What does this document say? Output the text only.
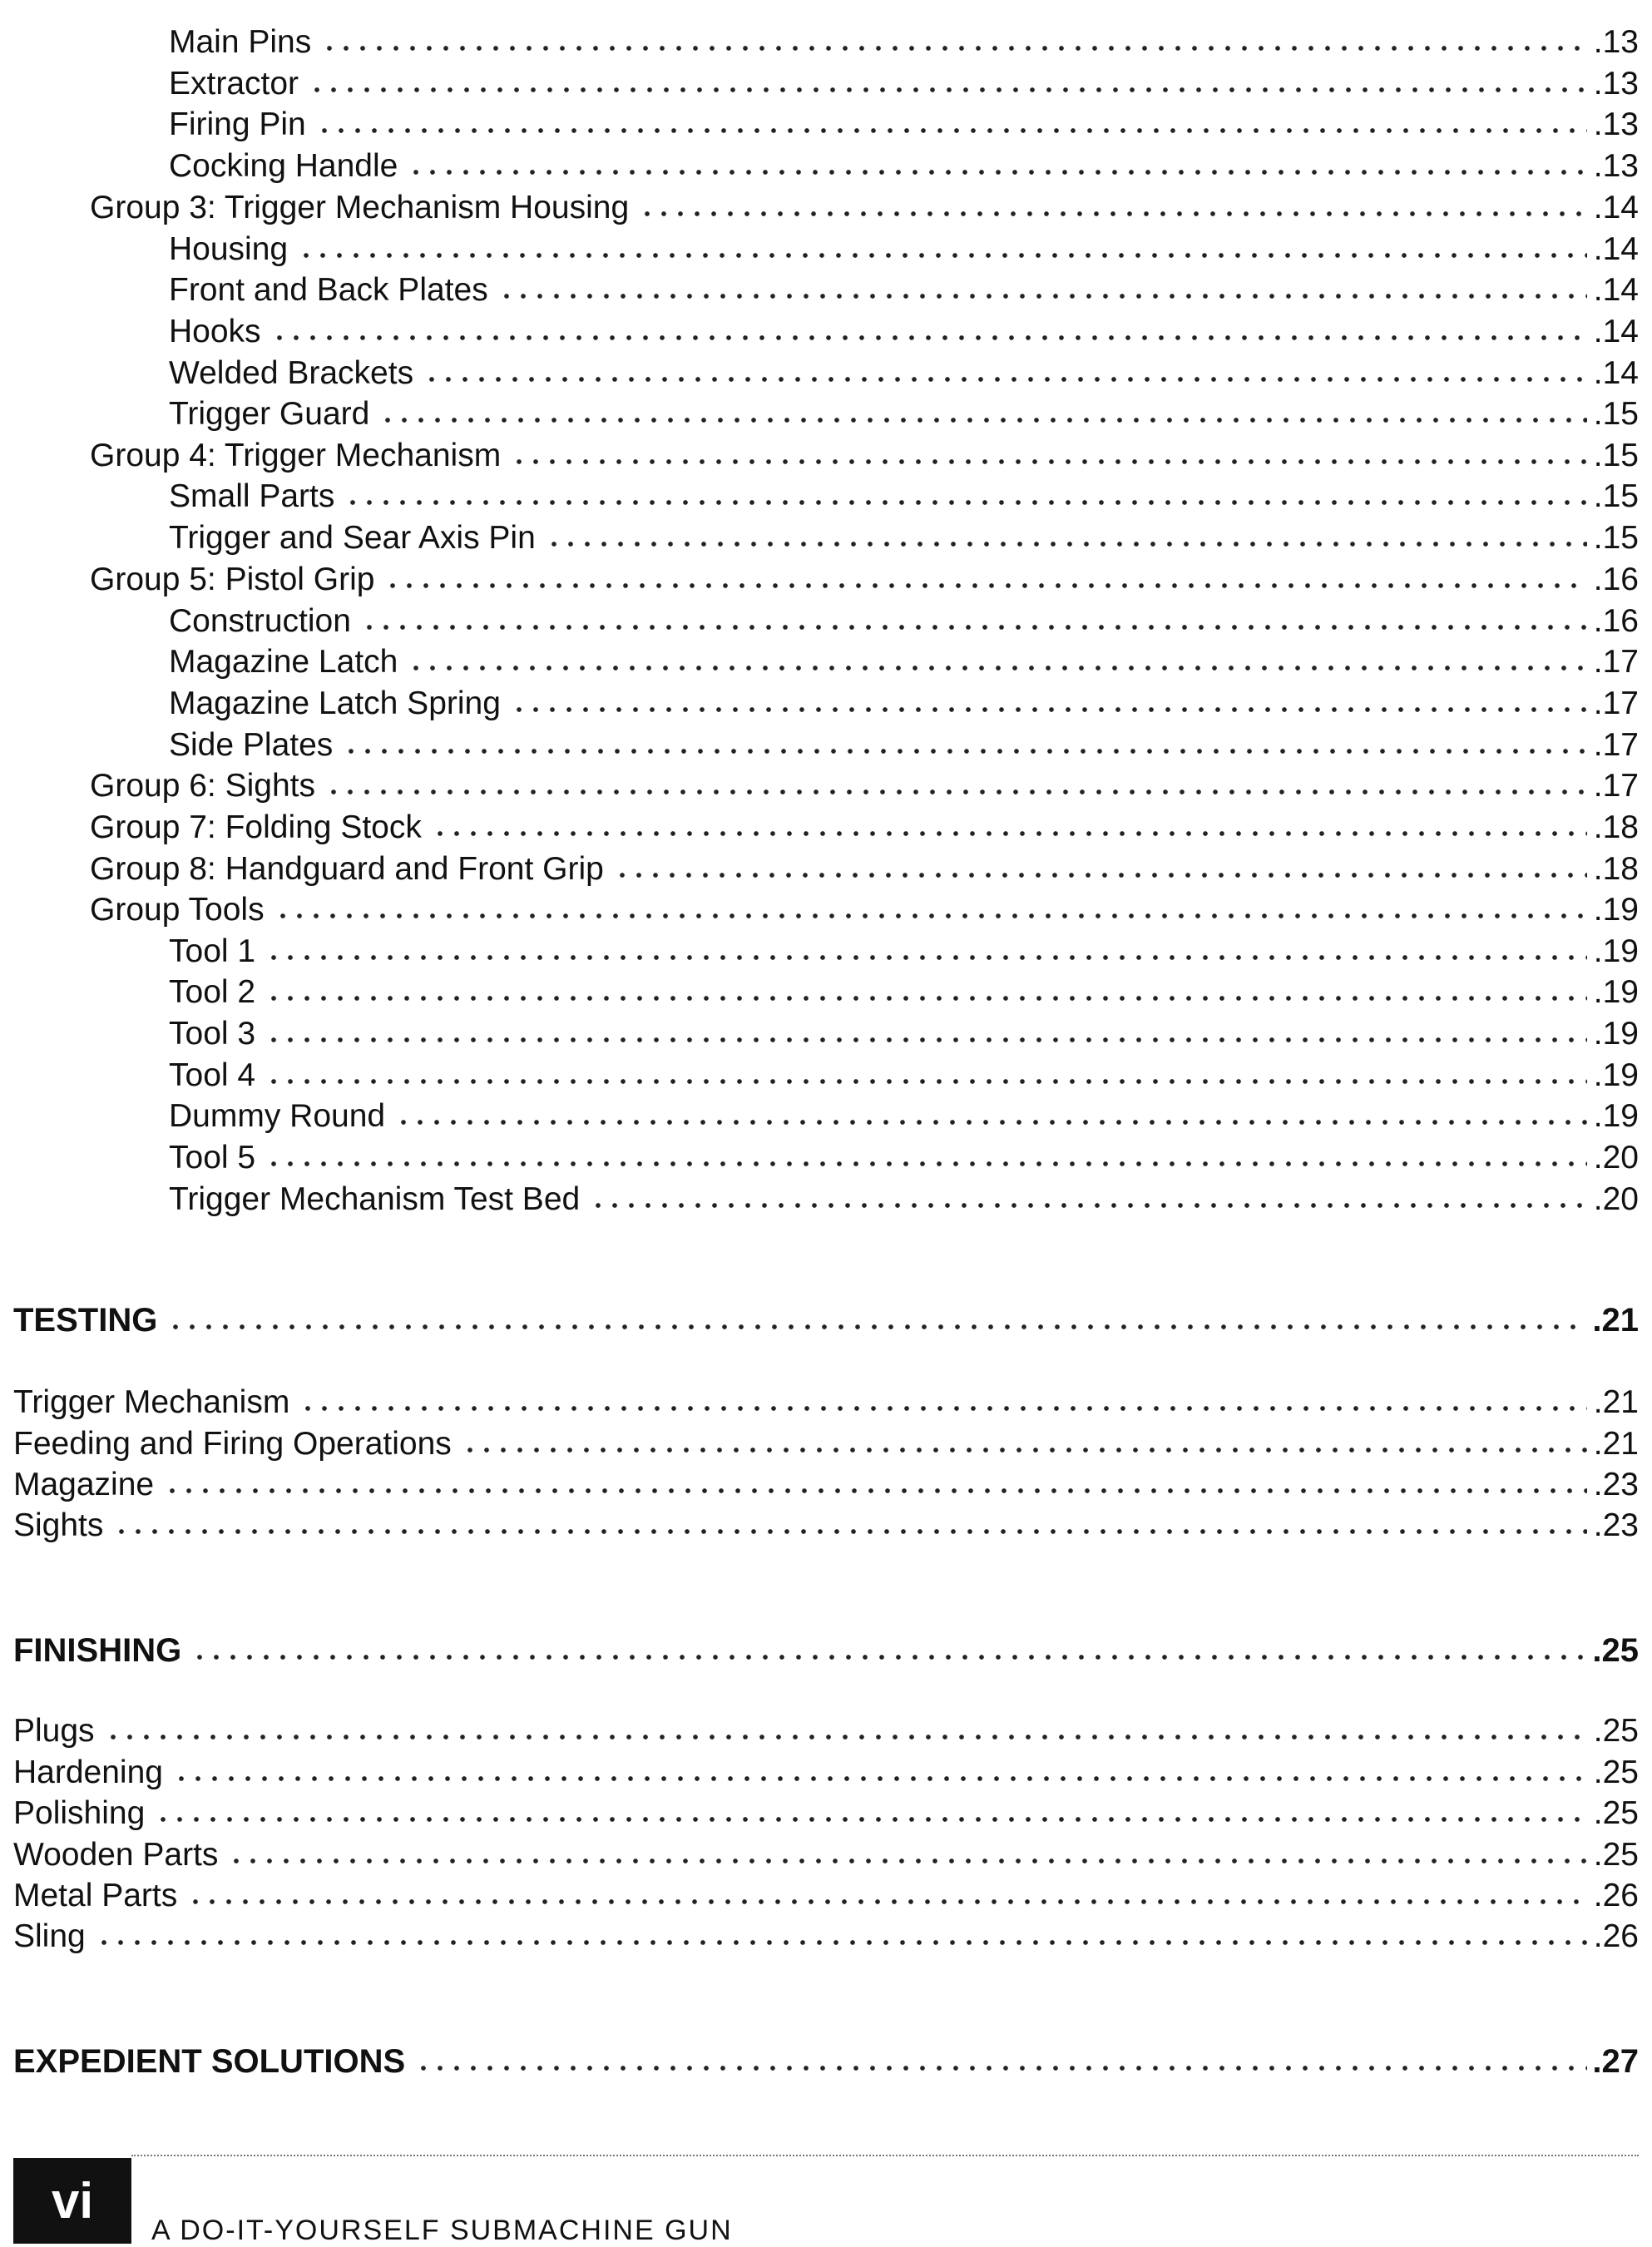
Main Pins	.13
Extractor	.13
Firing Pin	.13
Cocking Handle	.13
Group 3: Trigger Mechanism Housing	.14
Housing	.14
Front and Back Plates	.14
Hooks	.14
Welded Brackets	.14
Trigger Guard	.15
Group 4: Trigger Mechanism	.15
Small Parts	.15
Trigger and Sear Axis Pin	.15
Group 5: Pistol Grip	.16
Construction	.16
Magazine Latch	.17
Magazine Latch Spring	.17
Side Plates	.17
Group 6: Sights	.17
Group 7: Folding Stock	.18
Group 8: Handguard and Front Grip	.18
Group Tools	.19
Tool 1	.19
Tool 2	.19
Tool 3	.19
Tool 4	.19
Dummy Round	.19
Tool 5	.20
Trigger Mechanism Test Bed	.20
TESTING	.21
Trigger Mechanism	.21
Feeding and Firing Operations	.21
Magazine	.23
Sights	.23
FINISHING	.25
Plugs	.25
Hardening	.25
Polishing	.25
Wooden Parts	.25
Metal Parts	.26
Sling	.26
EXPEDIENT SOLUTIONS	.27
vi
A DO-IT-YOURSELF SUBMACHINE GUN
